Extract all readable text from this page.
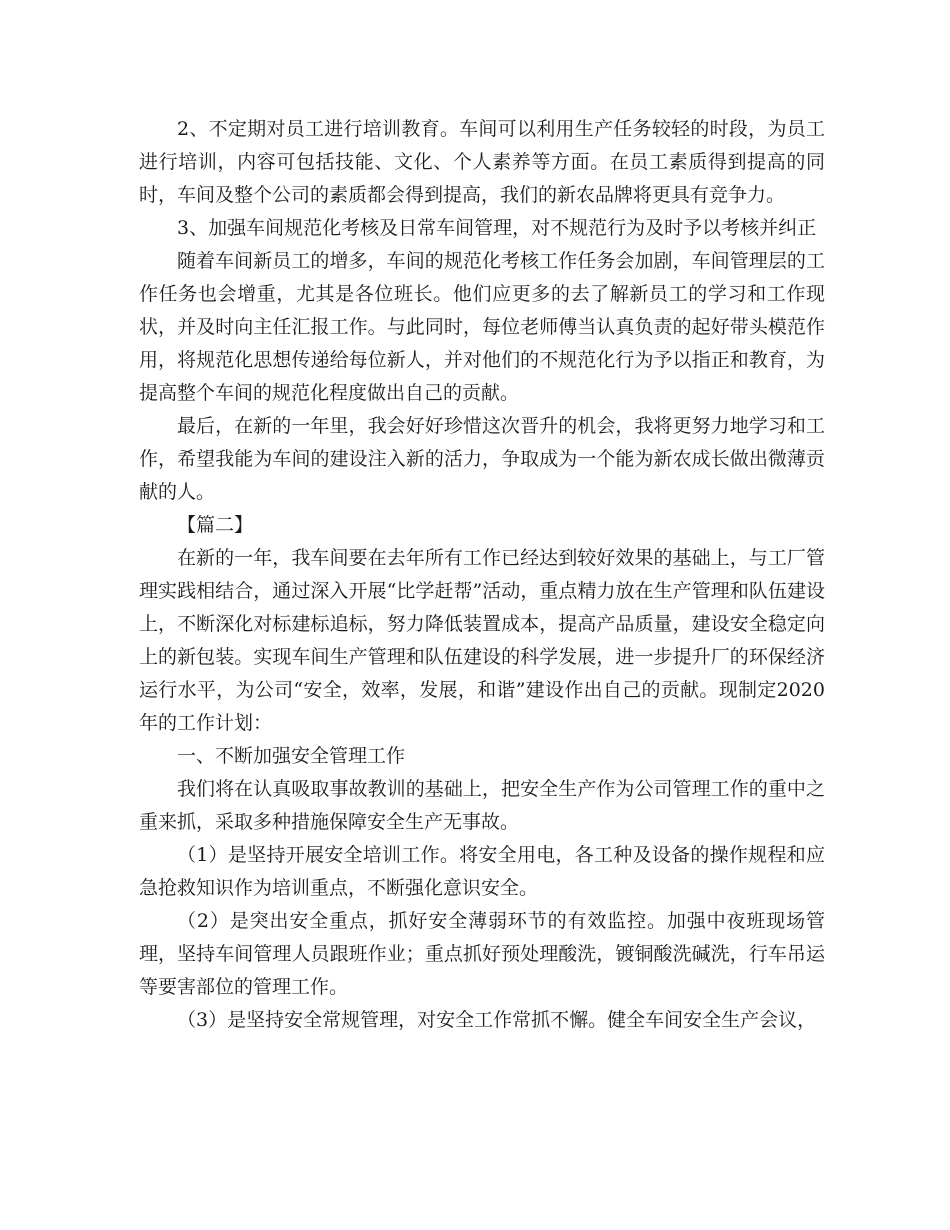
2、不定期对员工进行培训教育。车间可以利用生产任务较轻的时段，为员工进行培训，内容可包括技能、文化、个人素养等方面。在员工素质得到提高的同时，车间及整个公司的素质都会得到提高，我们的新农品牌将更具有竞争力。

3、加强车间规范化考核及日常车间管理，对不规范行为及时予以考核并纠正

随着车间新员工的增多，车间的规范化考核工作任务会加剧，车间管理层的工作任务也会增重，尤其是各位班长。他们应更多的去了解新员工的学习和工作现状，并及时向主任汇报工作。与此同时，每位老师傅当认真负责的起好带头模范作用，将规范化思想传递给每位新人，并对他们的不规范化行为予以指正和教育，为提高整个车间的规范化程度做出自己的贡献。

最后，在新的一年里，我会好好珍惜这次晋升的机会，我将更努力地学习和工作，希望我能为车间的建设注入新的活力，争取成为一个能为新农成长做出微薄贡献的人。

【篇二】

在新的一年，我车间要在去年所有工作已经达到较好效果的基础上，与工厂管理实践相结合，通过深入开展“比学赶帮”活动，重点精力放在生产管理和队伍建设上，不断深化对标建标追标，努力降低装置成本，提高产品质量，建设安全稳定向上的新包装。实现车间生产管理和队伍建设的科学发展，进一步提升厂的环保经济运行水平，为公司“安全，效率，发展，和谐”建设作出自己的贡献。现制定2020年的工作计划：

一、不断加强安全管理工作

我们将在认真吸取事故教训的基础上，把安全生产作为公司管理工作的重中之重来抓，采取多种措施保障安全生产无事故。

（1）是坚持开展安全培训工作。将安全用电，各工种及设备的操作规程和应急抢救知识作为培训重点，不断强化意识安全。

（2）是突出安全重点，抓好安全薄弱环节的有效监控。加强中夜班现场管理，坚持车间管理人员跟班作业；重点抓好预处理酸洗，镀铜酸洗碱洗，行车吊运等要害部位的管理工作。

（3）是坚持安全常规管理，对安全工作常抓不懈。健全车间安全生产会议，
